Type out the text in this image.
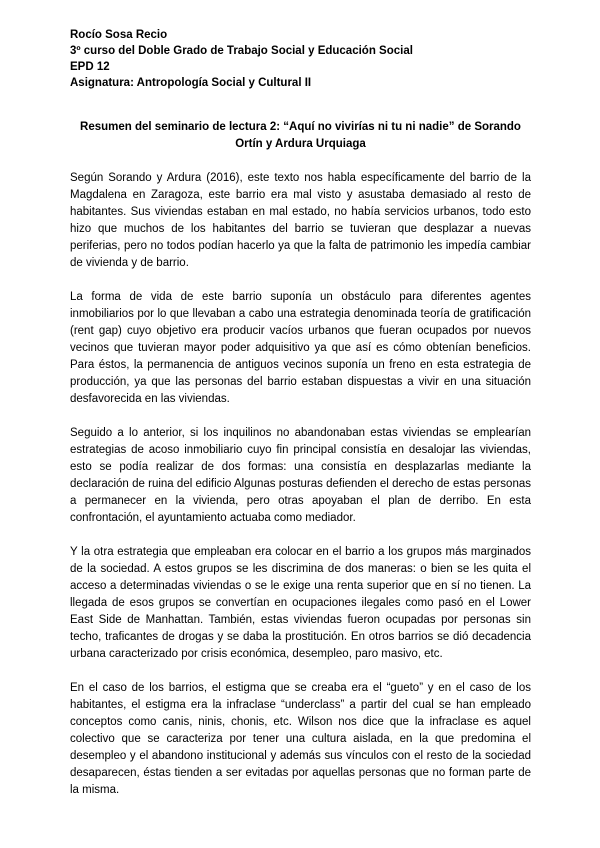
Rocío Sosa Recio
3º curso del Doble Grado de Trabajo Social y Educación Social
EPD 12
Asignatura: Antropología Social y Cultural II
Resumen del seminario de lectura 2: “Aquí no vivirías ni tu ni nadie” de Sorando Ortín y Ardura Urquiaga

Según Sorando y Ardura (2016), este texto nos habla específicamente del barrio de la Magdalena en Zaragoza, este barrio era mal visto y asustaba demasiado al resto de habitantes. Sus viviendas estaban en mal estado, no había servicios urbanos, todo esto hizo que muchos de los habitantes del barrio se tuvieran que desplazar a nuevas periferias, pero no todos podían hacerlo ya que la falta de patrimonio les impedía cambiar de vivienda y de barrio.

La forma de vida de este barrio suponía un obstáculo para diferentes agentes inmobiliarios por lo que llevaban a cabo una estrategia denominada teoría de gratificación (rent gap) cuyo objetivo era producir vacíos urbanos que fueran ocupados por nuevos vecinos que tuvieran mayor poder adquisitivo ya que así es cómo obtenían beneficios. Para éstos, la permanencia de antiguos vecinos suponía un freno en esta estrategia de producción, ya que las personas del barrio estaban dispuestas a vivir en una situación desfavorecida en las viviendas.

Seguido a lo anterior, si los inquilinos no abandonaban estas viviendas se emplearían estrategias de acoso inmobiliario cuyo fin principal consistía en desalojar las viviendas, esto se podía realizar de dos formas: una consistía en desplazarlas mediante la declaración de ruina del edificio Algunas posturas defienden el derecho de estas personas a permanecer en la vivienda, pero otras apoyaban el plan de derribo. En esta confrontación, el ayuntamiento actuaba como mediador.

Y la otra estrategia que empleaban era colocar en el barrio a los grupos más marginados de la sociedad. A estos grupos se les discrimina de dos maneras: o bien se les quita el acceso a determinadas viviendas o se le exige una renta superior que en sí no tienen. La llegada de esos grupos se convertían en ocupaciones ilegales como pasó en el Lower East Side de Manhattan. También, estas viviendas fueron ocupadas por personas sin techo, traficantes de drogas y se daba la prostitución. En otros barrios se dió decadencia urbana caracterizado por crisis económica, desempleo, paro masivo, etc.

En el caso de los barrios, el estigma que se creaba era el “gueto” y en el caso de los habitantes, el estigma era la infraclase “underclass” a partir del cual se han empleado conceptos como canis, ninis, chonis, etc. Wilson nos dice que la infraclase es aquel colectivo que se caracteriza por tener una cultura aislada, en la que predomina el desempleo y el abandono institucional y además sus vínculos con el resto de la sociedad desaparecen, éstas tienden a ser evitadas por aquellas personas que no forman parte de la misma.
